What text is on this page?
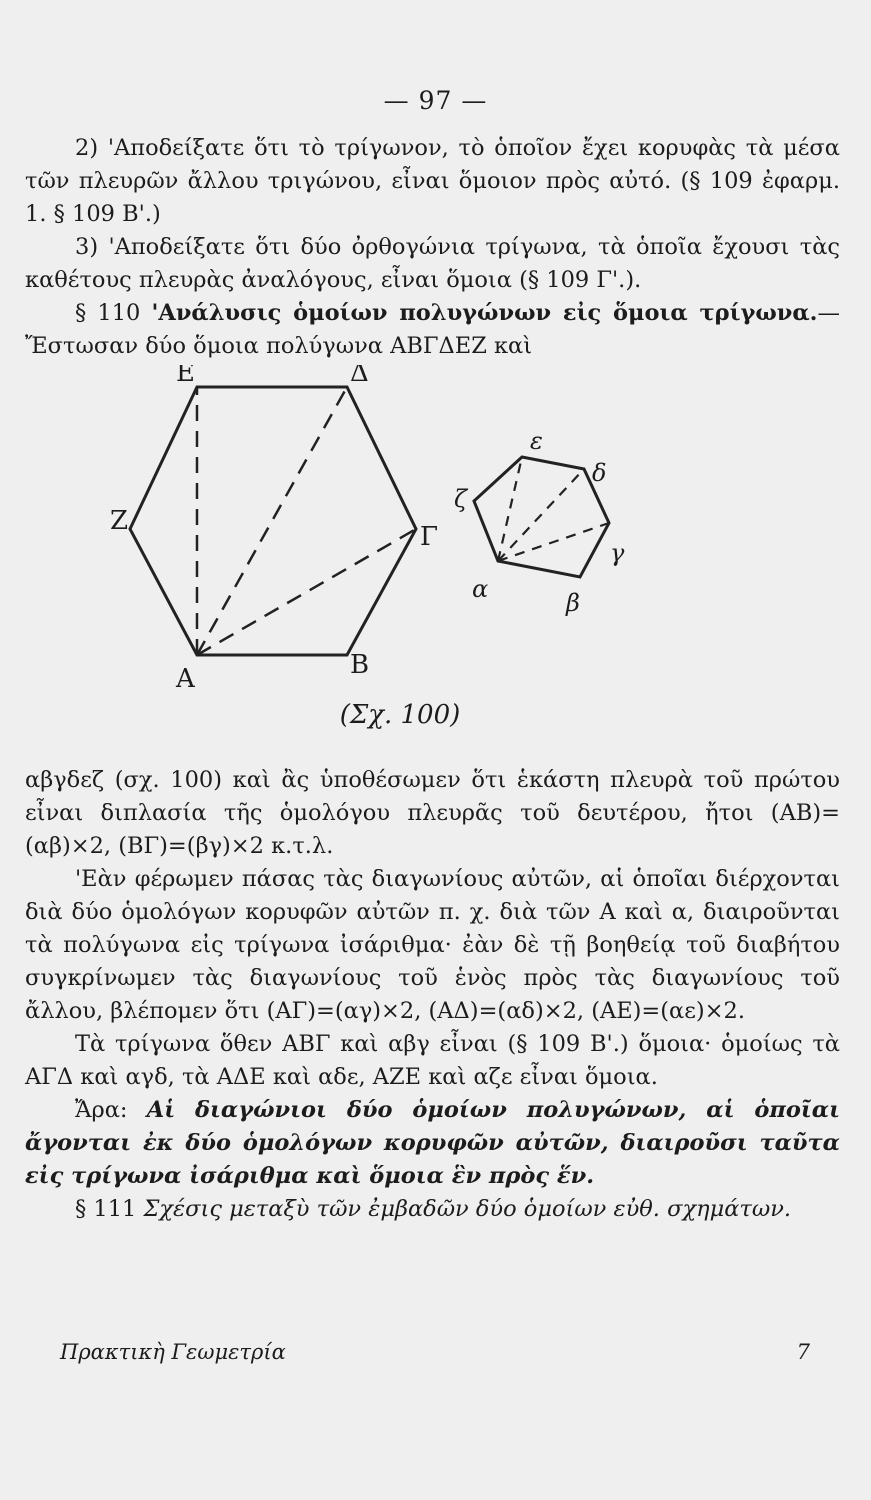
— 97 —

2) 'Αποδείξατε ὅτι τὸ τρίγωνον, τὸ ὁποῖον ἔχει κορυφὰς τὰ μέσα τῶν πλευρῶν ἄλλου τριγώνου, εἶναι ὅμοιον πρὸς αὐτό. (§ 109 ἐφαρμ. 1. § 109 Β'.)

3) 'Αποδείξατε ὅτι δύο ὀρθογώνια τρίγωνα, τὰ ὁποῖα ἔχουσι τὰς καθέτους πλευρὰς ἀναλόγους, εἶναι ὅμοια (§ 109 Γ'.).

§ 110 'Ανάλυσις ὁμοίων πολυγώνων εἰς ὅμοια τρίγωνα.—Ἔστωσαν δύο ὅμοια πολύγωνα ΑΒΓΔΕΖ καὶ

Α	Β
Γ
Δ
Ε
Ζ
α	β
γ
δ
ε
ζ
(Σχ. 100)

αβγδεζ (σχ. 100) καὶ ἂς ὑποθέσωμεν ὅτι ἑκάστη πλευρὰ τοῦ πρώτου εἶναι διπλασία τῆς ὁμολόγου πλευρᾶς τοῦ δευτέρου, ἤτοι (ΑΒ)=(αβ)×2, (ΒΓ)=(βγ)×2 κ.τ.λ.

'Εὰν φέρωμεν πάσας τὰς διαγωνίους αὐτῶν, αἱ ὁποῖαι διέρχονται διὰ δύο ὁμολόγων κορυφῶν αὐτῶν π. χ. διὰ τῶν Α καὶ α, διαιροῦνται τὰ πολύγωνα εἰς τρίγωνα ἰσάριθμα· ἐὰν δὲ τῇ βοηθείᾳ τοῦ διαβήτου συγκρίνωμεν τὰς διαγωνίους τοῦ ἑνὸς πρὸς τὰς διαγωνίους τοῦ ἄλλου, βλέπομεν ὅτι (ΑΓ)=(αγ)×2, (ΑΔ)=(αδ)×2, (ΑΕ)=(αε)×2.

Τὰ τρίγωνα ὅθεν ΑΒΓ καὶ αβγ εἶναι (§ 109 Β'.) ὅμοια· ὁμοίως τὰ ΑΓΔ καὶ αγδ, τὰ ΑΔΕ καὶ αδε, ΑΖΕ καὶ αζε εἶναι ὅμοια.

Ἄρα: Αἱ διαγώνιοι δύο ὁμοίων πολυγώνων, αἱ ὁποῖαι ἄγονται ἐκ δύο ὁμολόγων κορυφῶν αὐτῶν, διαιροῦσι ταῦτα εἰς τρίγωνα ἰσάριθμα καὶ ὅμοια ἓν πρὸς ἕν.

§ 111 Σχέσις μεταξὺ τῶν ἐμβαδῶν δύο ὁμοίων εὐθ. σχημάτων.

Πρακτικὴ Γεωμετρία	7
